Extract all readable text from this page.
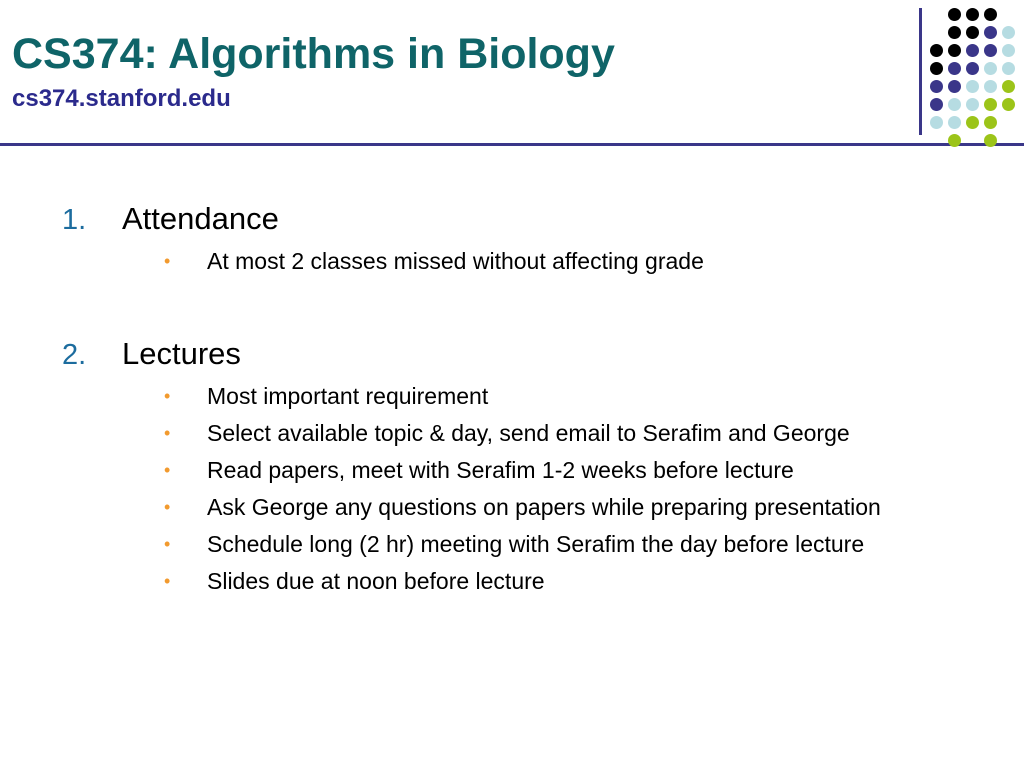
CS374: Algorithms in Biology
cs374.stanford.edu
1.	Attendance
•	At most 2 classes missed without affecting grade
2.	Lectures
•	Most important requirement
•	Select available topic & day, send email to Serafim and George
•	Read papers, meet with Serafim 1-2 weeks before lecture
•	Ask George any questions on papers while preparing presentation
•	Schedule long (2 hr) meeting with Serafim the day before lecture
•	Slides due at noon before lecture
